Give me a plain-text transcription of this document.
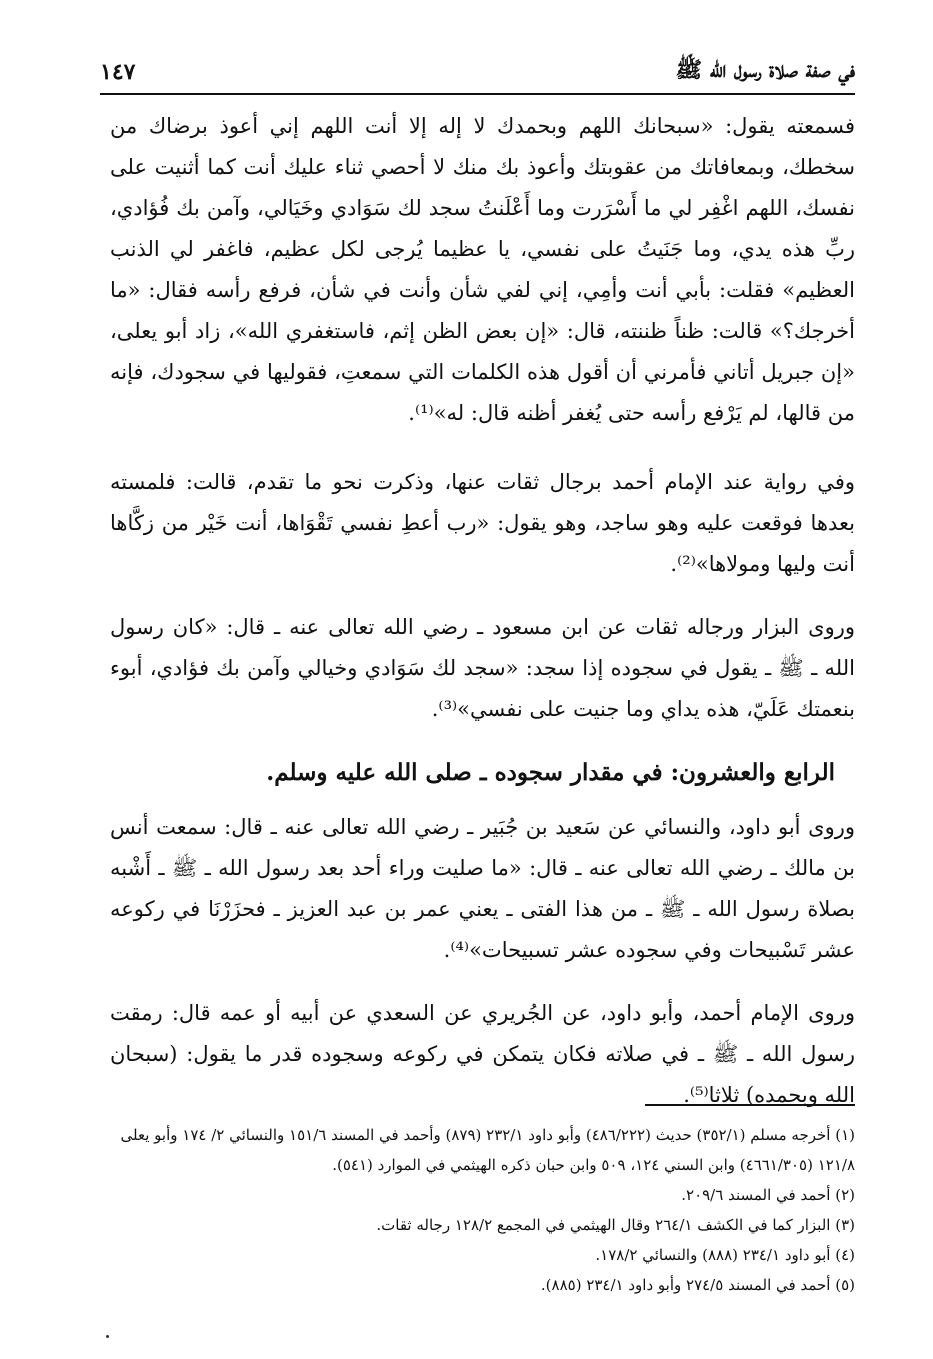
في صفة صلاة رسول الله ﷺ
١٤٧

فسمعته يقول: «سبحانك اللهم وبحمدك لا إله إلا أنت اللهم إني أعوذ برضاك من سخطك، وبمعافاتك من عقوبتك وأعوذ بك منك لا أحصي ثناء عليك أنت كما أثنيت على نفسك، اللهم اغْفِر لي ما أَسْرَرت وما أَعْلَنتُ سجد لك سَوَادي وخَيَالي، وآمن بك فُؤادي، ربِّ هذه يدي، وما جَنَيتُ على نفسي، يا عظيما يُرجى لكل عظيم، فاغفر لي الذنب العظيم» فقلت: بأبي أنت وأمِي، إني لفي شأن وأنت في شأن، فرفع رأسه فقال: «ما أخرجك؟» قالت: ظناً ظننته، قال: «إن بعض الظن إثم، فاستغفري الله»، زاد أبو يعلى، «إن جبريل أتاني فأمرني أن أقول هذه الكلمات التي سمعتِ، فقوليها في سجودك، فإنه من قالها، لم يَرْفع رأسه حتى يُغفر أظنه قال: له»⁽¹⁾.

وفي رواية عند الإمام أحمد برجال ثقات عنها، وذكرت نحو ما تقدم، قالت: فلمسته بعدها فوقعت عليه وهو ساجد، وهو يقول: «رب أعطِ نفسي تَقْوَاها، أنت خَيْر من زكَّاها أنت وليها ومولاها»⁽²⁾.

وروى البزار ورجاله ثقات عن ابن مسعود ـ رضي الله تعالى عنه ـ قال: «كان رسول الله ـ ﷺ ـ يقول في سجوده إذا سجد: «سجد لك سَوَادي وخيالي وآمن بك فؤادي، أبوء بنعمتك عَلَيّ، هذه يداي وما جنيت على نفسي»⁽³⁾.

الرابع والعشرون: في مقدار سجوده ـ صلى الله عليه وسلم.

وروى أبو داود، والنسائي عن سَعيد بن جُبَير ـ رضي الله تعالى عنه ـ قال: سمعت أنس بن مالك ـ رضي الله تعالى عنه ـ قال: «ما صليت وراء أحد بعد رسول الله ـ ﷺ ـ أَشْبه بصلاة رسول الله ـ ﷺ ـ من هذا الفتى ـ يعني عمر بن عبد العزيز ـ فحزَرْنَا في ركوعه عشر تَسْبيحات وفي سجوده عشر تسبيحات»⁽⁴⁾.

وروى الإمام أحمد، وأبو داود، عن الجُريري عن السعدي عن أبيه أو عمه قال: رمقت رسول الله ـ ﷺ ـ في صلاته فكان يتمكن في ركوعه وسجوده قدر ما يقول: (سبحان الله وبحمده) ثلاثا⁽⁵⁾.

(١) أخرجه مسلم (٣٥٢/١) حديث (٤٨٦/٢٢٢) وأبو داود ٢٣٢/١ (٨٧٩) وأحمد في المسند ١٥١/٦ والنسائي ٢/ ١٧٤ وأبو يعلى ١٢١/٨ (٤٦٦١/٣٠٥) وابن السني ١٢٤، ٥٠٩ وابن حبان ذكره الهيثمي في الموارد (٥٤١).

(٢) أحمد في المسند ٢٠٩/٦.

(٣) البزار كما في الكشف ٢٦٤/١ وقال الهيثمي في المجمع ١٢٨/٢ رجاله ثقات.

(٤) أبو داود ٢٣٤/١ (٨٨٨) والنسائي ١٧٨/٢.

(٥) أحمد في المسند ٢٧٤/٥ وأبو داود ٢٣٤/١ (٨٨٥).
